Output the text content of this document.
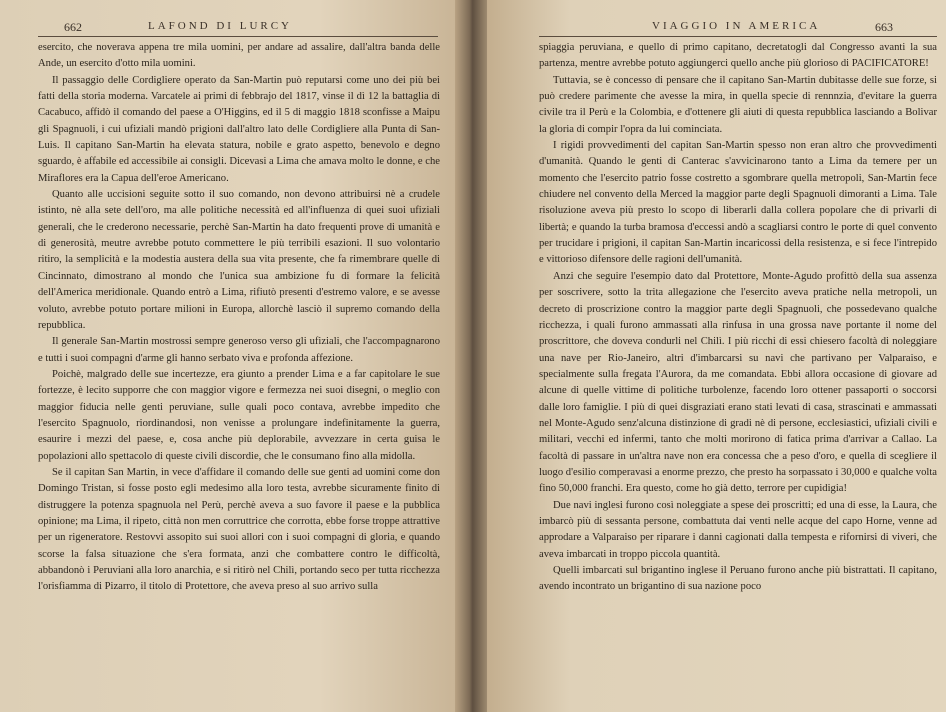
662	LAFOND DI LURCY

esercito, che noverava appena tre mila uomini, per andare ad assalire, dall'altra banda delle Ande, un esercito d'otto mila uomini.

Il passaggio delle Cordigliere operato da San-Martin può reputarsi come uno dei più bei fatti della storia moderna. Varcatele ai primi di febbrajo del 1817, vinse il dì 12 la battaglia di Cacabuco, affidò il comando del paese a O'Higgins, ed il 5 di maggio 1818 sconfisse a Maipu gli Spagnuoli, i cui ufiziali mandò prigioni dall'altro lato delle Cordigliere alla Punta di San-Luis. Il capitano San-Martin ha elevata statura, nobile e grato aspetto, benevolo e degno sguardo, è affabile ed accessibile ai consigli. Dicevasi a Lima che amava molto le donne, e che Miraflores era la Capua dell'eroe Americano.

Quanto alle uccisioni seguite sotto il suo comando, non devono attribuirsi nè a crudele istinto, nè alla sete dell'oro, ma alle politiche necessità ed all'influenza di quei suoi ufiziali generali, che le crederono necessarie, perchè San-Martin ha dato frequenti prove di umanità e di generosità, meutre avrebbe potuto commettere le più terribili esazioni. Il suo volontario ritiro, la semplicità e la modestia austera della sua vita presente, che fa rimembrare quelle di Cincinnato, dimostrano al mondo che l'unica sua ambizione fu di formare la felicità dell'America meridionale. Quando entrò a Lima, rifiutò presenti d'estremo valore, e se avesse voluto, avrebbe potuto portare milioni in Europa, allorchè lasciò il supremo comando della repubblica.

Il generale San-Martin mostrossi sempre generoso verso gli ufiziali, che l'accompagnarono e tutti i suoi compagni d'arme gli hanno serbato viva e profonda affezione.

Poichè, malgrado delle sue incertezze, era giunto a prender Lima e a far capitolare le sue fortezze, è lecito supporre che con maggior vigore e fermezza nei suoi disegni, o meglio con maggior fiducia nelle genti peruviane, sulle quali poco contava, avrebbe impedito che l'esercito Spagnuolo, riordinandosi, non venisse a prolungare indefinitamente la guerra, esaurire i mezzi del paese, e, cosa anche più deplorabile, avvezzare in certa guisa le popolazioni allo spettacolo di queste civili discordie, che le consumano fino alla midolla.

Se il capitan San Martin, in vece d'affidare il comando delle sue genti ad uomini come don Domingo Tristan, si fosse posto egli medesimo alla loro testa, avrebbe sicuramente finito di distruggere la potenza spagnuola nel Perù, perchè aveva a suo favore il paese e la pubblica opinione; ma Lima, il ripeto, città non men corruttrice che corrotta, ebbe forse troppe attrattive per un rigeneratore. Restovvi assopito sui suoi allori con i suoi compagni di gloria, e quando scorse la falsa situazione che s'era formata, anzi che combattere contro le difficoltà, abbandonò i Peruviani alla loro anarchia, e si ritirò nel Chilì, portando seco per tutta ricchezza l'orisfiamma di Pizarro, il titolo di Protettore, che aveva preso al suo arrivo sulla

VIAGGIO IN AMERICA	663

spiaggia peruviana, e quello di primo capitano, decretatogli dal Congresso avanti la sua partenza, mentre avrebbe potuto aggiungerci quello anche più glorioso di PACIFICATORE!

Tuttavia, se è concesso di pensare che il capitano San-Martin dubitasse delle sue forze, si può credere parimente che avesse la mira, in quella specie di rennnzia, d'evitare la guerra civile tra il Perù e la Colombia, e d'ottenere gli aiuti di questa repubblica lasciando a Bolivar la gloria di compir l'opra da lui cominciata.

I rigidi provvedimenti del capitan San-Martin spesso non eran altro che provvedimenti d'umanità. Quando le genti di Canterac s'avvicinarono tanto a Lima da temere per un momento che l'esercito patrio fosse costretto a sgombrare quella metropoli, San-Martin fece chiudere nel convento della Merced la maggior parte degli Spagnuoli dimoranti a Lima. Tale risoluzione aveva più presto lo scopo di liberarli dalla collera popolare che di privarli di libertà; e quando la turba bramosa d'eccessi andò a scagliarsi contro le porte di quel convento per trucidare i prigioni, il capitan San-Martin incaricossi della resistenza, e si fece l'intrepido e vittorioso difensore delle ragioni dell'umanità.

Anzi che seguire l'esempio dato dal Protettore, Monte-Agudo profittò della sua assenza per soscrivere, sotto la trita allegazione che l'esercito aveva pratiche nella metropoli, un decreto di proscrizione contro la maggior parte degli Spagnuoli, che possedevano qualche ricchezza, i quali furono ammassati alla rinfusa in una grossa nave portante il nome del proscrittore, che doveva condurli nel Chilì. I più ricchi di essi chiesero facoltà di noleggiare una nave per Rio-Janeiro, altri d'imbarcarsi su navi che partivano per Valparaiso, e specialmente sulla fregata l'Aurora, da me comandata. Ebbi allora occasione di giovare ad alcune di quelle vittime di politiche turbolenze, facendo loro ottener passaporti o soccorsi dalle loro famiglie. I più di quei disgraziati erano stati levati di casa, strascinati e ammassati nel Monte-Agudo senz'alcuna distinzione di gradi nè di persone, ecclesiastici, ufiziali civili e militari, vecchi ed infermi, tanto che molti morirono di fatica prima d'arrivar a Callao. La facoltà di passare in un'altra nave non era concessa che a peso d'oro, e quella di scegliere il luogo d'esilio comperavasi a enorme prezzo, che presto ha sorpassato i 30,000 e qualche volta fino 50,000 franchi. Era questo, come ho già detto, terrore per cupidigia!

Due navi inglesi furono così noleggiate a spese dei proscritti; ed una di esse, la Laura, che imbarcò più di sessanta persone, combattuta dai venti nelle acque del capo Horne, venne ad approdare a Valparaiso per riparare i danni cagionati dalla tempesta e rifornirsi di viveri, che aveva imbarcati in troppo piccola quantità.

Quelli imbarcati sul brigantino inglese il Peruano furono anche più bistrattati. Il capitano, avendo incontrato un brigantino di sua nazione poco
